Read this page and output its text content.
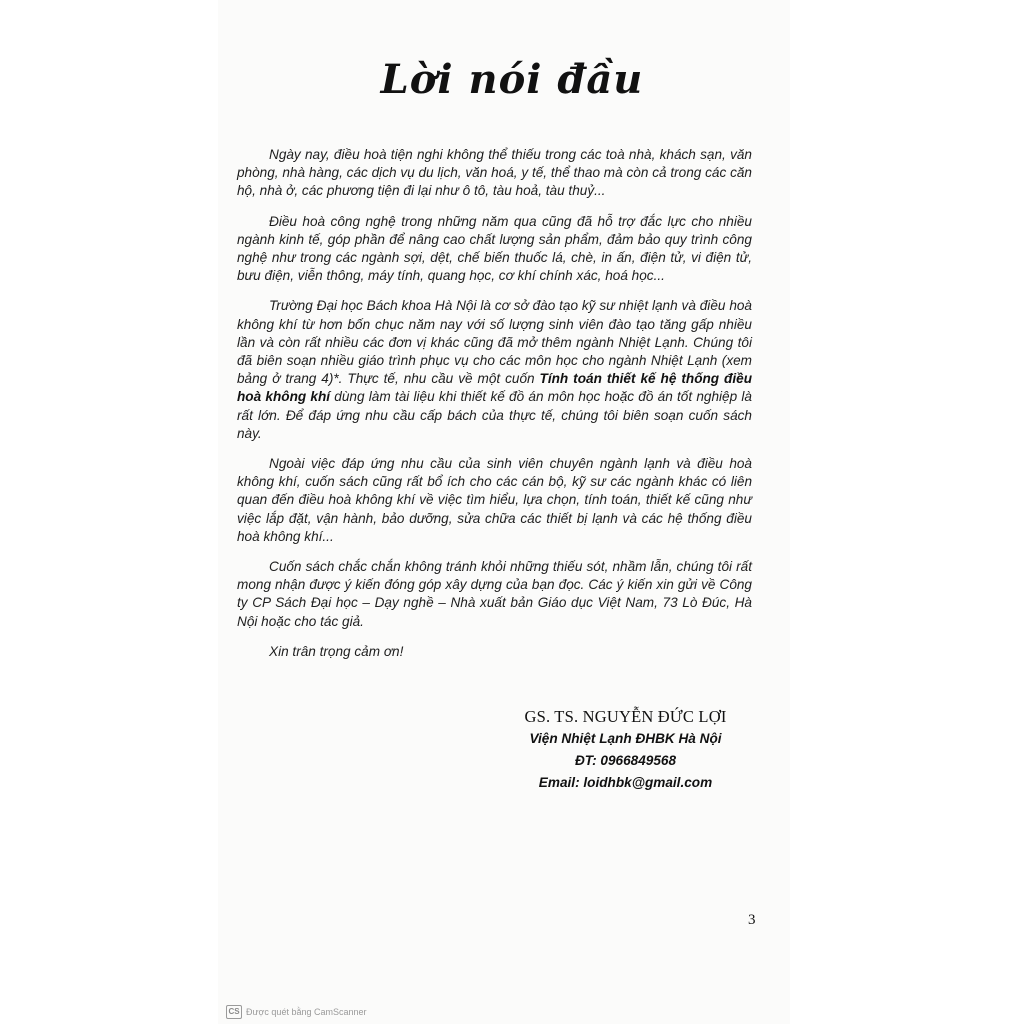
Lời nói đầu

Ngày nay, điều hoà tiện nghi không thể thiếu trong các toà nhà, khách sạn, văn phòng, nhà hàng, các dịch vụ du lịch, văn hoá, y tế, thể thao mà còn cả trong các căn hộ, nhà ở, các phương tiện đi lại như ô tô, tàu hoả, tàu thuỷ...

Điều hoà công nghệ trong những năm qua cũng đã hỗ trợ đắc lực cho nhiều ngành kinh tế, góp phần để nâng cao chất lượng sản phẩm, đảm bảo quy trình công nghệ như trong các ngành sợi, dệt, chế biến thuốc lá, chè, in ấn, điện tử, vi điện tử, bưu điện, viễn thông, máy tính, quang học, cơ khí chính xác, hoá học...

Trường Đại học Bách khoa Hà Nội là cơ sở đào tạo kỹ sư nhiệt lạnh và điều hoà không khí từ hơn bốn chục năm nay với số lượng sinh viên đào tạo tăng gấp nhiều lần và còn rất nhiều các đơn vị khác cũng đã mở thêm ngành Nhiệt Lạnh. Chúng tôi đã biên soạn nhiều giáo trình phục vụ cho các môn học cho ngành Nhiệt Lạnh (xem bảng ở trang 4)*. Thực tế, nhu cầu về một cuốn Tính toán thiết kế hệ thống điều hoà không khí dùng làm tài liệu khi thiết kế đồ án môn học hoặc đồ án tốt nghiệp là rất lớn. Để đáp ứng nhu cầu cấp bách của thực tế, chúng tôi biên soạn cuốn sách này.

Ngoài việc đáp ứng nhu cầu của sinh viên chuyên ngành lạnh và điều hoà không khí, cuốn sách cũng rất bổ ích cho các cán bộ, kỹ sư các ngành khác có liên quan đến điều hoà không khí về việc tìm hiểu, lựa chọn, tính toán, thiết kế cũng như việc lắp đặt, vận hành, bảo dưỡng, sửa chữa các thiết bị lạnh và các hệ thống điều hoà không khí...

Cuốn sách chắc chắn không tránh khỏi những thiếu sót, nhầm lẫn, chúng tôi rất mong nhận được ý kiến đóng góp xây dựng của bạn đọc. Các ý kiến xin gửi về Công ty CP Sách Đại học – Dạy nghề – Nhà xuất bản Giáo dục Việt Nam, 73 Lò Đúc, Hà Nội hoặc cho tác giả.

Xin trân trọng cảm ơn!

GS. TS. NGUYỄN ĐỨC LỢI
Viện Nhiệt Lạnh ĐHBK Hà Nội
ĐT: 0966849568
Email: loidhbk@gmail.com
3
CS Được quét bằng CamScanner
